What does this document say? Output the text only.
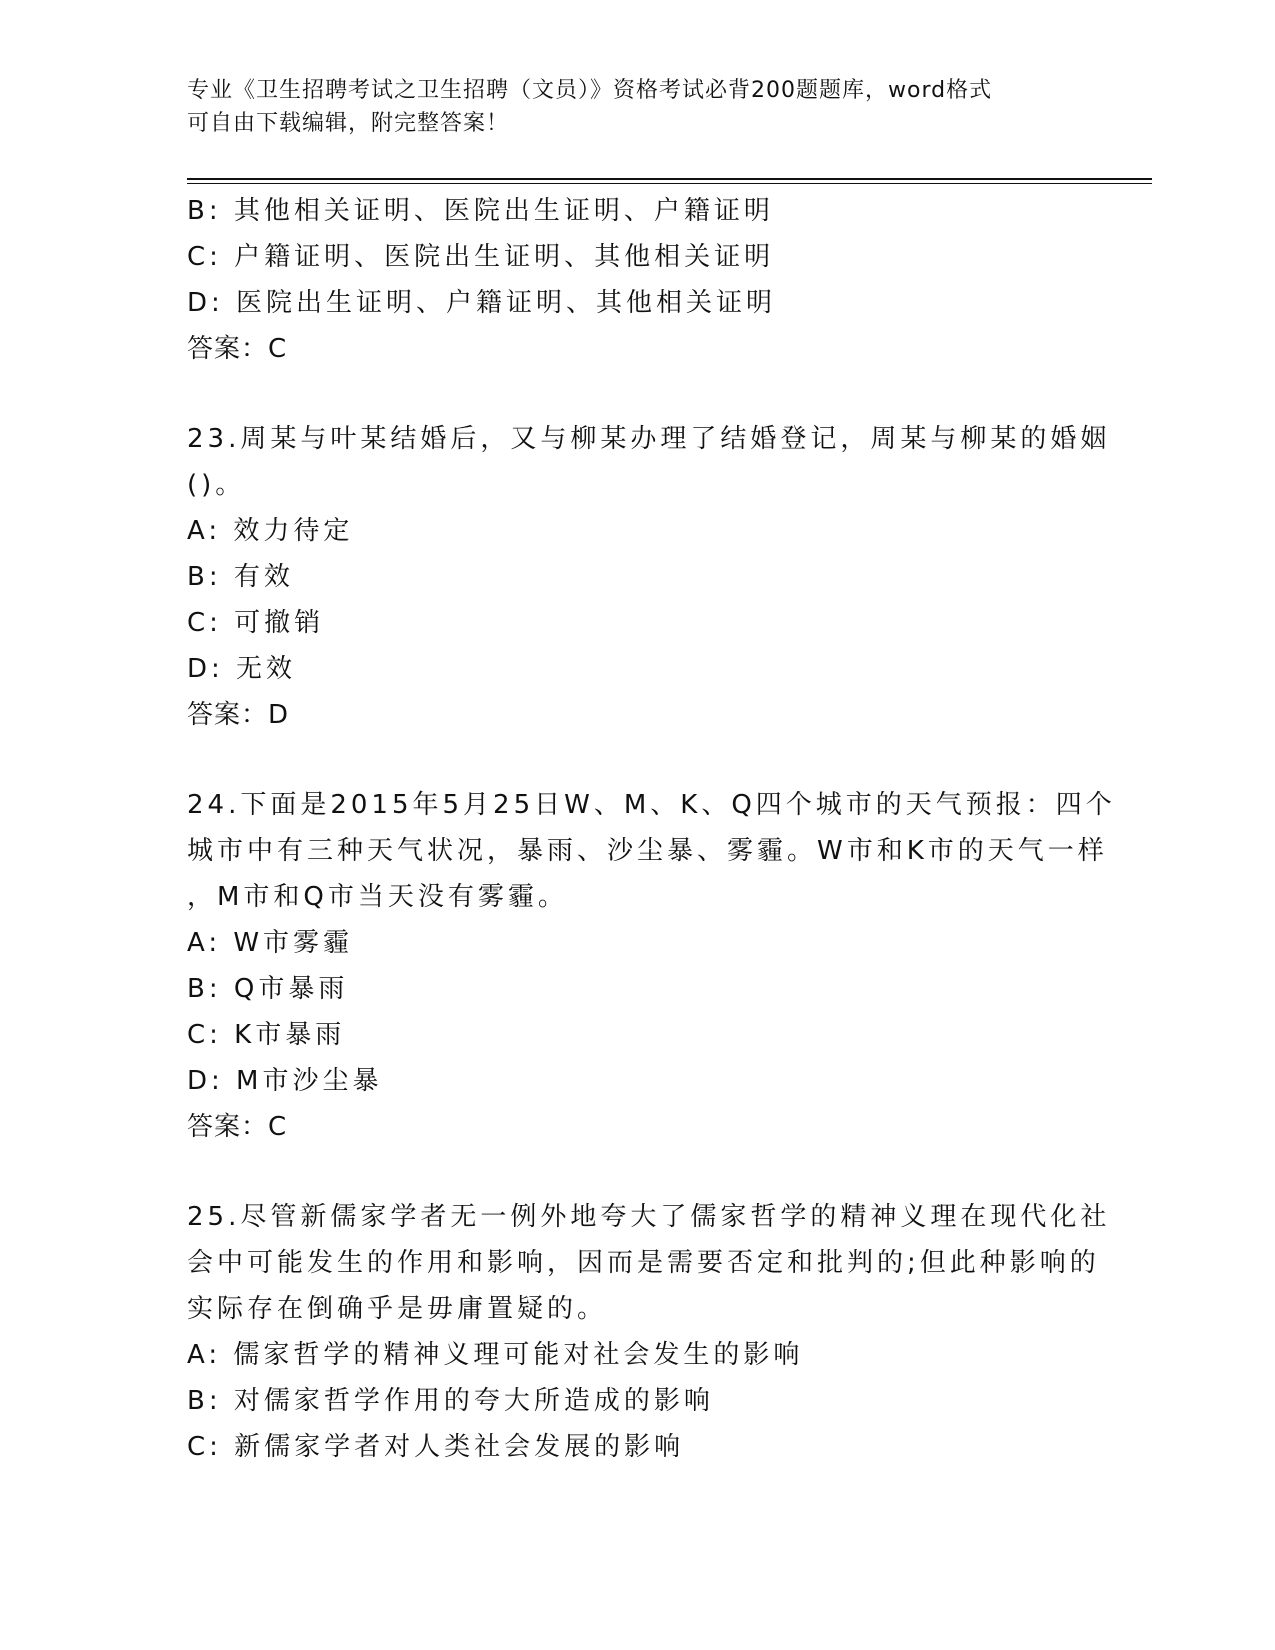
专业《卫生招聘考试之卫生招聘（文员）》资格考试必背200题题库，word格式
可自由下载编辑，附完整答案！
B: 其他相关证明、医院出生证明、户籍证明
C: 户籍证明、医院出生证明、其他相关证明
D: 医院出生证明、户籍证明、其他相关证明
答案：C
23.周某与叶某结婚后，又与柳某办理了结婚登记，周某与柳某的婚姻
()。
A: 效力待定
B: 有效
C: 可撤销
D: 无效
答案：D
24.下面是2015年5月25日W、M、K、Q四个城市的天气预报：四个
城市中有三种天气状况，暴雨、沙尘暴、雾霾。W市和K市的天气一样
，M市和Q市当天没有雾霾。
A: W市雾霾
B: Q市暴雨
C: K市暴雨
D: M市沙尘暴
答案：C
25.尽管新儒家学者无一例外地夸大了儒家哲学的精神义理在现代化社
会中可能发生的作用和影响，因而是需要否定和批判的;但此种影响的
实际存在倒确乎是毋庸置疑的。
A: 儒家哲学的精神义理可能对社会发生的影响
B: 对儒家哲学作用的夸大所造成的影响
C: 新儒家学者对人类社会发展的影响
